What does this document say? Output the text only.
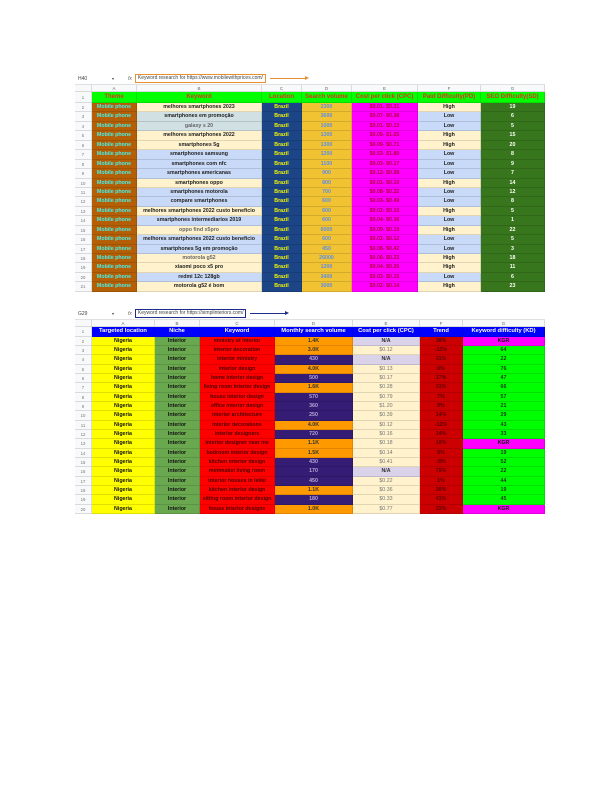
H40	▾	fx	Keyword research for https://www.mobilewithprices.com/
A	B	C	D	E	F	G
1	Theme	Keyword	Location	Search volume	Cost per click (CPC)	Paid Difficulty(PD)	SEO Difficulty(SD)
2	Mobile phone	melhores smartphones 2023	Brazil	2300	$0.01- $0.31	High	19
3	Mobile phone	smartphones em promoção	Brazil	3600	$0.07- $0.38	Low	6
4	Mobile phone	galaxy s 20	Brazil	1000	$0.01- $0.13	Low	5
5	Mobile phone	melhores smartphones 2022	Brazil	1300	$0.05- $1.05	High	15
6	Mobile phone	smartphones 5g	Brazil	1300	$0.09- $0.71	High	20
7	Mobile phone	smartphones samsung	Brazil	1200	$0.53- $1.80	Low	8
8	Mobile phone	smartphones com nfc	Brazil	1100	$0.03- $0.17	Low	9
9	Mobile phone	smartphones americanas	Brazil	900	$0.12- $0.98	Low	7
10	Mobile phone	smartphones oppo	Brazil	800	$0.01- $0.10	High	14
11	Mobile phone	smartphones motorola	Brazil	700	$0.08- $0.32	Low	12
12	Mobile phone	compare smartphones	Brazil	600	$0.03- $0.49	Low	8
13	Mobile phone	melhores smartphones 2022 custo beneficio	Brazil	600	$0.02- $0.10	High	5
14	Mobile phone	smartphones intermediarios 2019	Brazil	600	$0.04- $0.16	Low	1
15	Mobile phone	oppo find x5pro	Brazil	6000	$0.09- $0.19	High	22
16	Mobile phone	melhores smartphones 2022 custo beneficio	Brazil	600	$0.02- $0.12	Low	5
17	Mobile phone	smartphones 5g em promoção	Brazil	450	$0.08- $0.42	Low	3
18	Mobile phone	motorola g52	Brazil	26000	$0.06- $0.23	High	18
19	Mobile phone	xiaomi poco x5 pro	Brazil	1200	$0.04- $0.26	High	11
20	Mobile phone	redmi 12c 128gb	Brazil	3400	$0.03- $0.15	Low	6
21	Mobile phone	motorola g52 é bom	Brazil	3000	$0.02- $0.14	High	23
G29	▾	fx	Keyword research for https://simplinteriors.com/
A	B	C	D	E	F	G
1	Targeted location	Niche	Keyword	Monthly search volume	Cost per click (CPC)	Trend	Keyword difficulty (KD)
2	Nigeria	Interior	ministry of interior	1.4K	N/A	38%	KGR
3	Nigeria	Interior	interior decoration	3.0K	$0.12	-12%	64
4	Nigeria	Interior	interior ministry	430	N/A	31%	22
5	Nigeria	Interior	interior design	4.0K	$0.13	0%	76
6	Nigeria	Interior	home interior design	500	$0.17	17%	47
7	Nigeria	Interior	living room interior design	1.6K	$0.28	31%	66
8	Nigeria	Interior	house interior design	570	$0.79	7%	57
9	Nigeria	Interior	office interior design	360	$1.20	9%	21
10	Nigeria	Interior	interior architecture	250	$0.39	14%	29
11	Nigeria	Interior	interior decorations	4.0K	$0.12	-12%	43
12	Nigeria	Interior	interior designers	720	$0.16	14%	33
13	Nigeria	Interior	interior designer near me	1.1K	$0.18	10%	KGR
14	Nigeria	Interior	bedroom interior design	1.5K	$0.14	9%	19
15	Nigeria	Interior	kitchen interior design	430	$0.41	-8%	52
16	Nigeria	Interior	minimalist living room	170	N/A	75%	22
17	Nigeria	Interior	interior houses in lekki	450	$0.22	1%	44
18	Nigeria	Interior	kitchen interior design	1.1K	$0.36	20%	19
19	Nigeria	Interior	sitting room interior design	180	$0.33	41%	45
20	Nigeria	Interior	house interior designs	1.0K	$0.77	23%	KGR
